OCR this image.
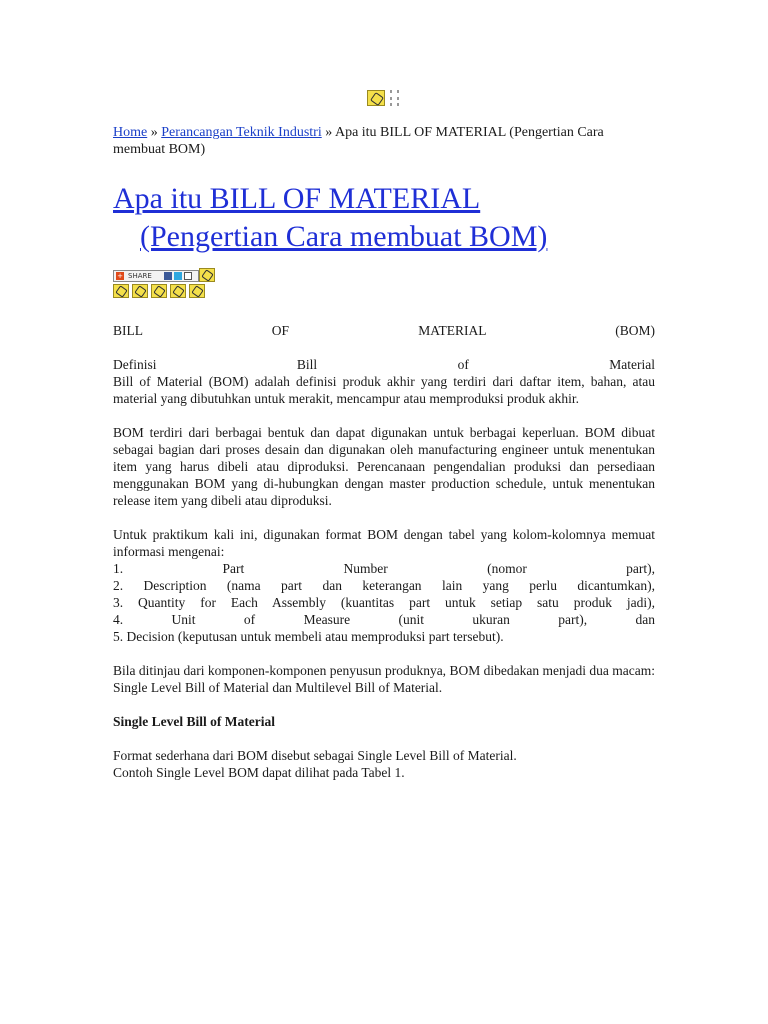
Home » Perancangan Teknik Industri » Apa itu BILL OF MATERIAL (Pengertian Cara membuat BOM)

Apa itu BILL OF MATERIAL
(Pengertian Cara membuat BOM)
+ SHARE

BILL OF MATERIAL (BOM)

Definisi Bill of Material

Bill of Material (BOM) adalah definisi produk akhir yang terdiri dari daftar item, bahan, atau material yang dibutuhkan untuk merakit, mencampur atau memproduksi produk akhir.

BOM terdiri dari berbagai bentuk dan dapat digunakan untuk berbagai keperluan. BOM dibuat sebagai bagian dari proses desain dan digunakan oleh manufacturing engineer untuk menentukan item yang harus dibeli atau diproduksi. Perencanaan pengendalian produksi dan persediaan menggunakan BOM yang di-hubungkan dengan master production schedule, untuk menentukan release item yang dibeli atau diproduksi.

Untuk praktikum kali ini, digunakan format BOM dengan tabel yang kolom-kolomnya memuat informasi mengenai:

1. Part Number (nomor part),

2. Description (nama part dan keterangan lain yang perlu dicantumkan),

3. Quantity for Each Assembly (kuantitas part untuk setiap satu produk jadi),

4. Unit of Measure (unit ukuran part), dan

5. Decision (keputusan untuk membeli atau memproduksi part tersebut).

Bila ditinjau dari komponen-komponen penyusun produknya, BOM dibedakan menjadi dua macam: Single Level Bill of Material dan Multilevel Bill of Material.

Single Level Bill of Material

Format sederhana dari BOM disebut sebagai Single Level Bill of Material.

Contoh Single Level BOM dapat dilihat pada Tabel 1.
